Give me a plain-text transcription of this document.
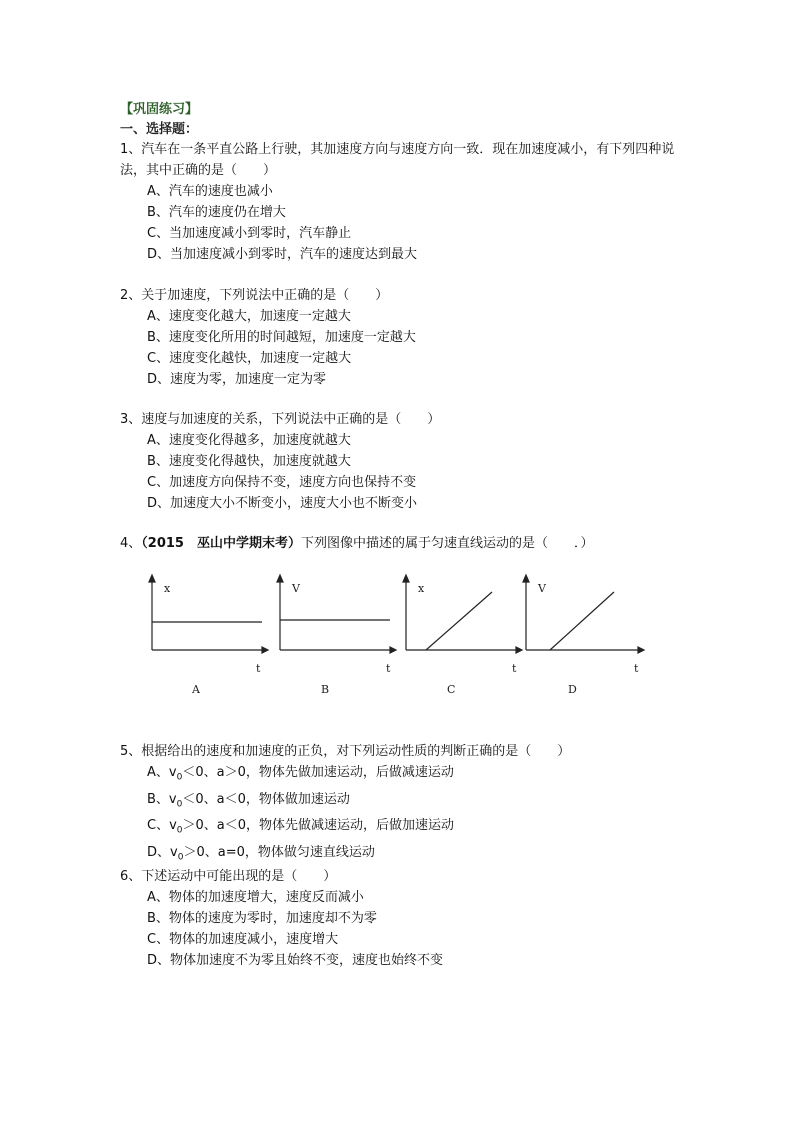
【巩固练习】
一、选择题：
1、汽车在一条平直公路上行驶，其加速度方向与速度方向一致．现在加速度减小，有下列四种说法，其中正确的是（　　）
A、汽车的速度也减小
B、汽车的速度仍在增大
C、当加速度减小到零时，汽车静止
D、当加速度减小到零时，汽车的速度达到最大
2、关于加速度，下列说法中正确的是（　　）
A、速度变化越大，加速度一定越大
B、速度变化所用的时间越短，加速度一定越大
C、速度变化越快，加速度一定越大
D、速度为零，加速度一定为零
3、速度与加速度的关系，下列说法中正确的是（　　）
A、速度变化得越多，加速度就越大
B、速度变化得越快，加速度就越大
C、加速度方向保持不变，速度方向也保持不变
D、加速度大小不断变小，速度大小也不断变小
4、（2015　巫山中学期末考）下列图像中描述的属于匀速直线运动的是（　　．）
x	V	x	V
t	t	t	t
A	B	C	D
5、根据给出的速度和加速度的正负，对下列运动性质的判断正确的是（　　）
A、$v_0<0$、a＞0，物体先做加速运动，后做减速运动
B、$v_0<0$、a＜0，物体做加速运动
C、$v_0>0$、a＜0，物体先做减速运动，后做加速运动
D、$v_0>0$、a=0，物体做匀速直线运动
6、下述运动中可能出现的是（　　）
A、物体的加速度增大，速度反而减小
B、物体的速度为零时，加速度却不为零
C、物体的加速度减小，速度增大
D、物体加速度不为零且始终不变，速度也始终不变
